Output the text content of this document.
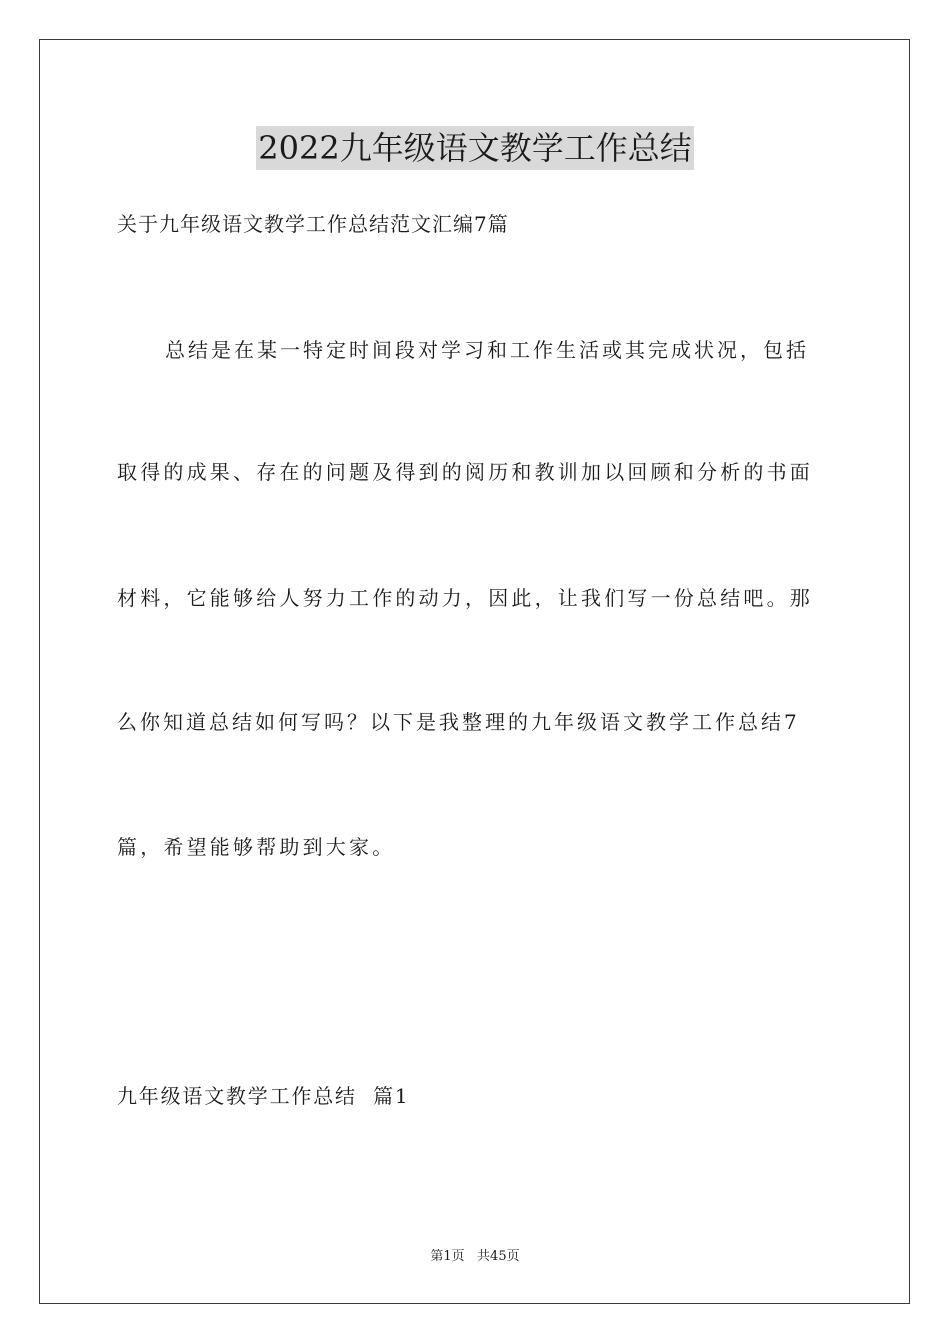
2022九年级语文教学工作总结

关于九年级语文教学工作总结范文汇编7篇

总结是在某一特定时间段对学习和工作生活或其完成状况，包括

取得的成果、存在的问题及得到的阅历和教训加以回顾和分析的书面

材料，它能够给人努力工作的动力，因此，让我们写一份总结吧。那

么你知道总结如何写吗？以下是我整理的九年级语文教学工作总结7

篇，希望能够帮助到大家。

九年级语文教学工作总结  篇1

第1页   共45页
